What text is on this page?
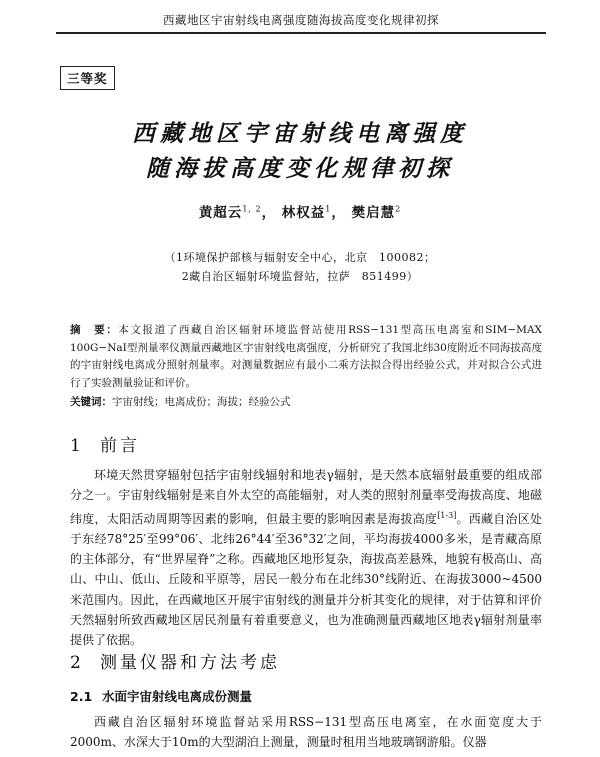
西藏地区宇宙射线电离强度随海拔高度变化规律初探
三等奖
西藏地区宇宙射线电离强度
随海拔高度变化规律初探
黄超云$^{1, 2}$， 林权益$^1$， 樊启慧$^2$
（1环境保护部核与辐射安全中心，北京　100082；
2藏自治区辐射环境监督站，拉萨　851499）
摘　要：本文报道了西藏自治区辐射环境监督站使用RSS−131型高压电离室和SIM−MAX 100G−NaI型剂量率仪测量西藏地区宇宙射线电离强度，分析研究了我国北纬30度附近不同海拔高度的宇宙射线电离成分照射剂量率。对测量数据应有最小二乘方法拟合得出经验公式，并对拟合公式进行了实验测量验证和评价。
关键词：宇宙射线；电离成份；海拔；经验公式
1 前言

环境天然贯穿辐射包括宇宙射线辐射和地表γ辐射，是天然本底辐射最重要的组成部分之一。宇宙射线辐射是来自外太空的高能辐射，对人类的照射剂量率受海拔高度、地磁纬度，太阳活动周期等因素的影响，但最主要的影响因素是海拔高度[1-3]。西藏自治区处于东经78°25′至99°06′、北纬26°44′至36°32′之间，平均海拔4000多米，是青藏高原的主体部分，有“世界屋脊”之称。西藏地区地形复杂，海拔高差悬殊，地貌有极高山、高山、中山、低山、丘陵和平原等，居民一般分布在北纬30°线附近、在海拔3000~4500米范围内。因此，在西藏地区开展宇宙射线的测量并分析其变化的规律，对于估算和评价天然辐射所致西藏地区居民剂量有着重要意义，也为准确测量西藏地区地表γ辐射剂量率提供了依据。

2 测量仪器和方法考虑
2.1 水面宇宙射线电离成份测量

西藏自治区辐射环境监督站采用RSS−131型高压电离室，在水面宽度大于2000m、水深大于10m的大型湖泊上测量，测量时租用当地玻璃钢游船。仪器
